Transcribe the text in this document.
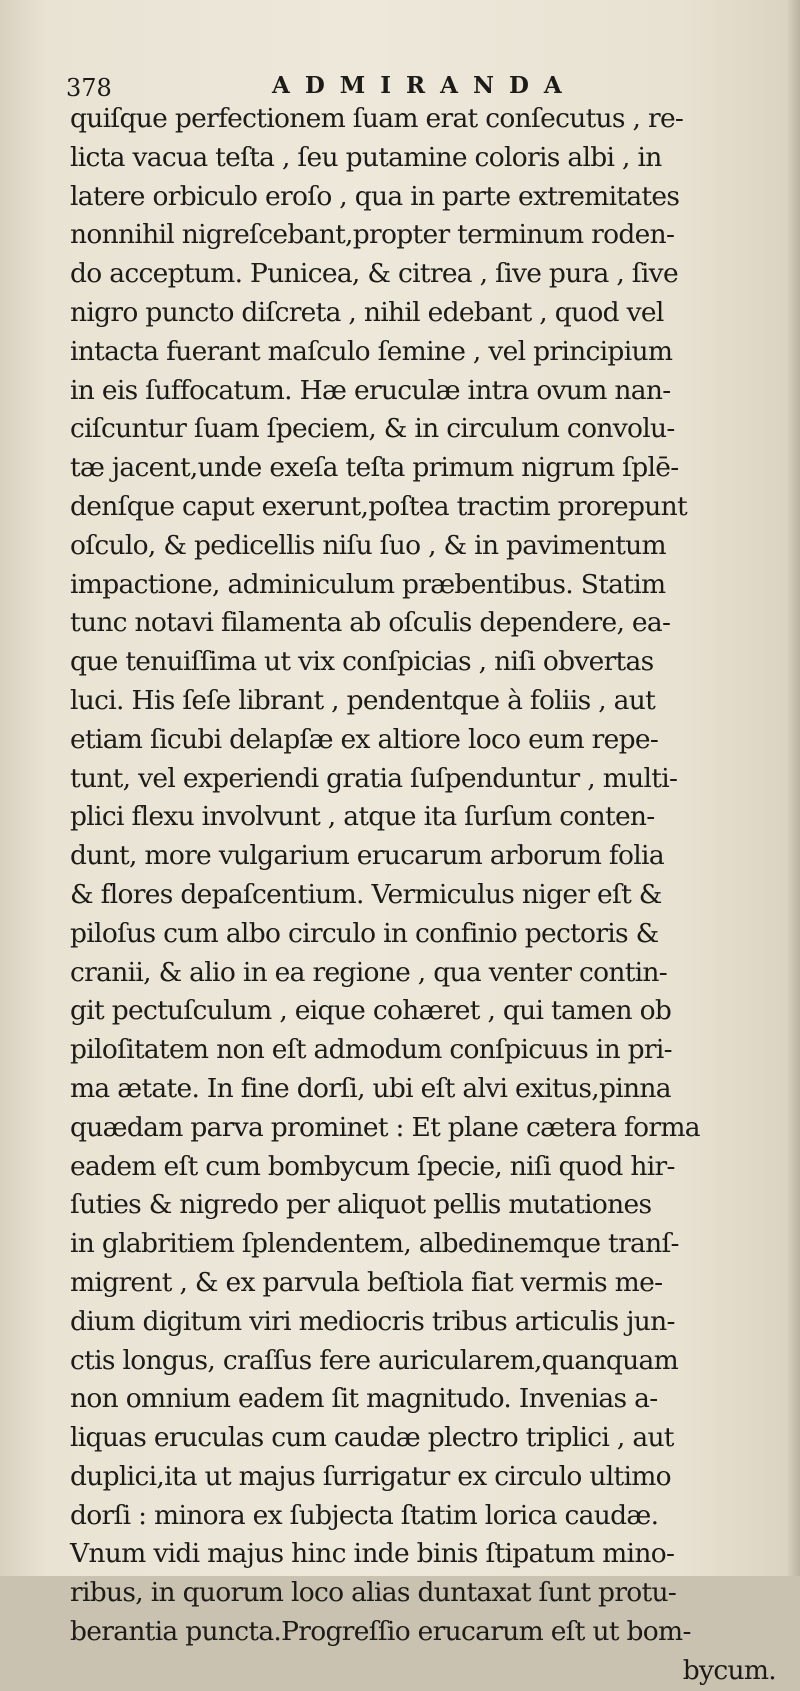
378	ADMIRANDA
quiſque perfectionem ſuam erat conſecutus , re-
licta vacua teſta , ſeu putamine coloris albi , in
latere orbiculo eroſo , qua in parte extremitates
nonnihil nigreſcebant,propter terminum roden-
do acceptum. Punicea, & citrea , ſive pura , ſive
nigro puncto diſcreta , nihil edebant , quod vel
intacta fuerant maſculo ſemine , vel principium
in eis ſuffocatum. Hæ eruculæ intra ovum nan-
ciſcuntur ſuam ſpeciem, & in circulum convolu-
tæ jacent,unde exeſa teſta primum nigrum ſplē-
denſque caput exerunt,poſtea tractim prorepunt
oſculo, & pedicellis niſu ſuo , & in pavimentum
impactione, adminiculum præbentibus. Statim
tunc notavi filamenta ab oſculis dependere, ea-
que tenuiſſima ut vix conſpicias , niſi obvertas
luci. His ſeſe librant , pendentque à foliis , aut
etiam ſicubi delapſæ ex altiore loco eum repe-
tunt, vel experiendi gratia ſuſpenduntur , multi-
plici flexu involvunt , atque ita ſurſum conten-
dunt, more vulgarium erucarum arborum folia
& flores depaſcentium. Vermiculus niger eſt &
piloſus cum albo circulo in confinio pectoris &
cranii, & alio in ea regione , qua venter contin-
git pectuſculum , eique cohæret , qui tamen ob
piloſitatem non eſt admodum conſpicuus in pri-
ma ætate. In fine dorſi, ubi eſt alvi exitus,pinna
quædam parva prominet : Et plane cætera forma
eadem eſt cum bombycum ſpecie, niſi quod hir-
ſuties & nigredo per aliquot pellis mutationes
in glabritiem ſplendentem, albedinemque tranſ-
migrent , & ex parvula beſtiola fiat vermis me-
dium digitum viri mediocris tribus articulis jun-
ctis longus, craſſus fere auricularem,quanquam
non omnium eadem ſit magnitudo. Invenias a-
liquas eruculas cum caudæ plectro triplici , aut
duplici,ita ut majus ſurrigatur ex circulo ultimo
dorſi : minora ex ſubjecta ſtatim lorica caudæ.
Vnum vidi majus hinc inde binis ſtipatum mino-
ribus, in quorum loco alias duntaxat ſunt protu-
berantia puncta.Progreſſio erucarum eſt ut bom-
bycum.
